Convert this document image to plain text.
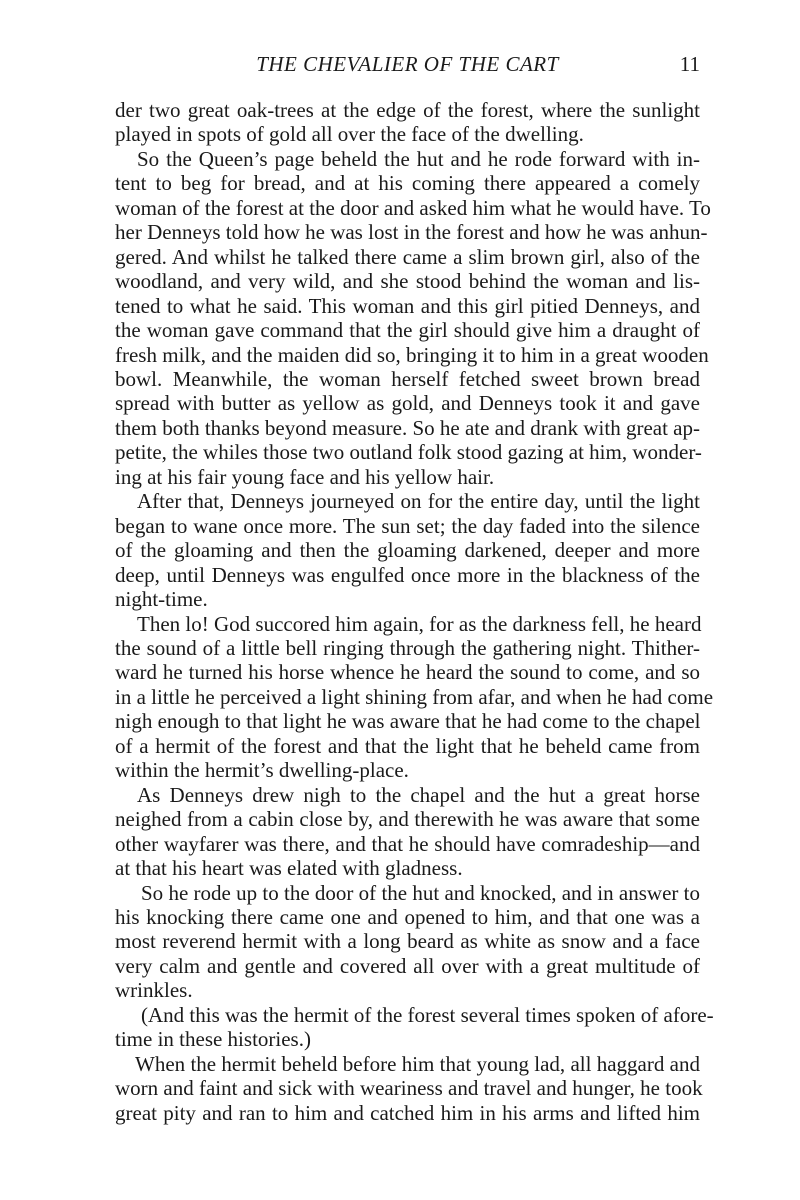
THE CHEVALIER OF THE CART	11
der two great oak-trees at the edge of the forest, where the sunlight
played in spots of gold all over the face of the dwelling.
So the Queen’s page beheld the hut and he rode forward with in-
tent to beg for bread, and at his coming there appeared a comely
woman of the forest at the door and asked him what he would have. To
her Denneys told how he was lost in the forest and how he was anhun-
gered. And whilst he talked there came a slim brown girl, also of the
woodland, and very wild, and she stood behind the woman and lis-
tened to what he said. This woman and this girl pitied Denneys, and
the woman gave command that the girl should give him a draught of
fresh milk, and the maiden did so, bringing it to him in a great wooden
bowl. Meanwhile, the woman herself fetched sweet brown bread
spread with butter as yellow as gold, and Denneys took it and gave
them both thanks beyond measure. So he ate and drank with great ap-
petite, the whiles those two outland folk stood gazing at him, wonder-
ing at his fair young face and his yellow hair.
After that, Denneys journeyed on for the entire day, until the light
began to wane once more. The sun set; the day faded into the silence
of the gloaming and then the gloaming darkened, deeper and more
deep, until Denneys was engulfed once more in the blackness of the
night-time.
Then lo! God succored him again, for as the darkness fell, he heard
the sound of a little bell ringing through the gathering night. Thither-
ward he turned his horse whence he heard the sound to come, and so
in a little he perceived a light shining from afar, and when he had come
nigh enough to that light he was aware that he had come to the chapel
of a hermit of the forest and that the light that he beheld came from
within the hermit’s dwelling-place.
As Denneys drew nigh to the chapel and the hut a great horse
neighed from a cabin close by, and therewith he was aware that some
other wayfarer was there, and that he should have comradeship—and
at that his heart was elated with gladness.
So he rode up to the door of the hut and knocked, and in answer to
his knocking there came one and opened to him, and that one was a
most reverend hermit with a long beard as white as snow and a face
very calm and gentle and covered all over with a great multitude of
wrinkles.
(And this was the hermit of the forest several times spoken of afore-
time in these histories.)
When the hermit beheld before him that young lad, all haggard and
worn and faint and sick with weariness and travel and hunger, he took
great pity and ran to him and catched him in his arms and lifted him
